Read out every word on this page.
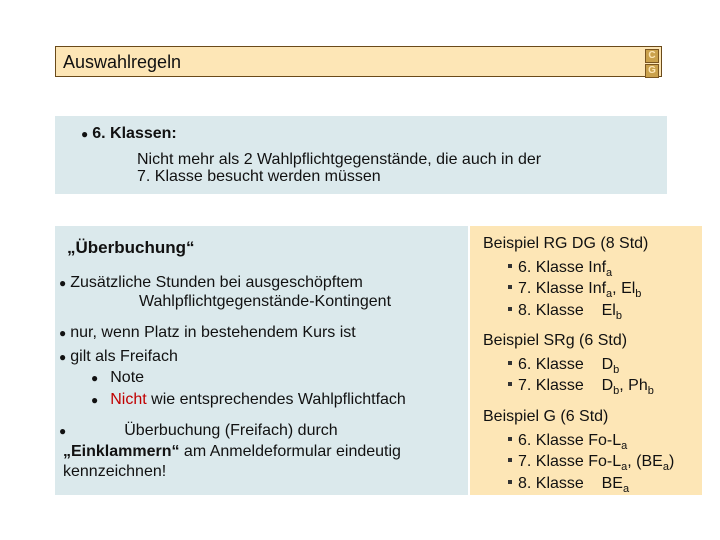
Auswahlregeln	C
G
● 6. Klassen:
Nicht mehr als 2 Wahlpflichtgegenstände, die auch in der
7. Klasse besucht werden müssen
„Überbuchung“
● Zusätzliche Stunden bei ausgeschöpftem
Wahlpflichtgegenstände-Kontingent
● nur, wenn Platz in bestehendem Kurs ist
● gilt als Freifach
● Note
● Nicht wie entsprechendes Wahlpflichtfach
●	Überbuchung (Freifach) durch
„Einklammern“ am Anmeldeformular eindeutig
kennzeichnen!
Beispiel RG DG (8 Std)
6. Klasse Inf$_a$
7. Klasse Inf$_a$, $El_b$
8. Klasse    $El_b$
Beispiel SRg (6 Std)
6. Klasse    $D_b$
7. Klasse    $D_b$, $Ph_b$
Beispiel G (6 Std)
6. Klasse $Fo-L_a$
7. Klasse $Fo-L_a$, $(BE_a)$
8. Klasse    $BE_a$
